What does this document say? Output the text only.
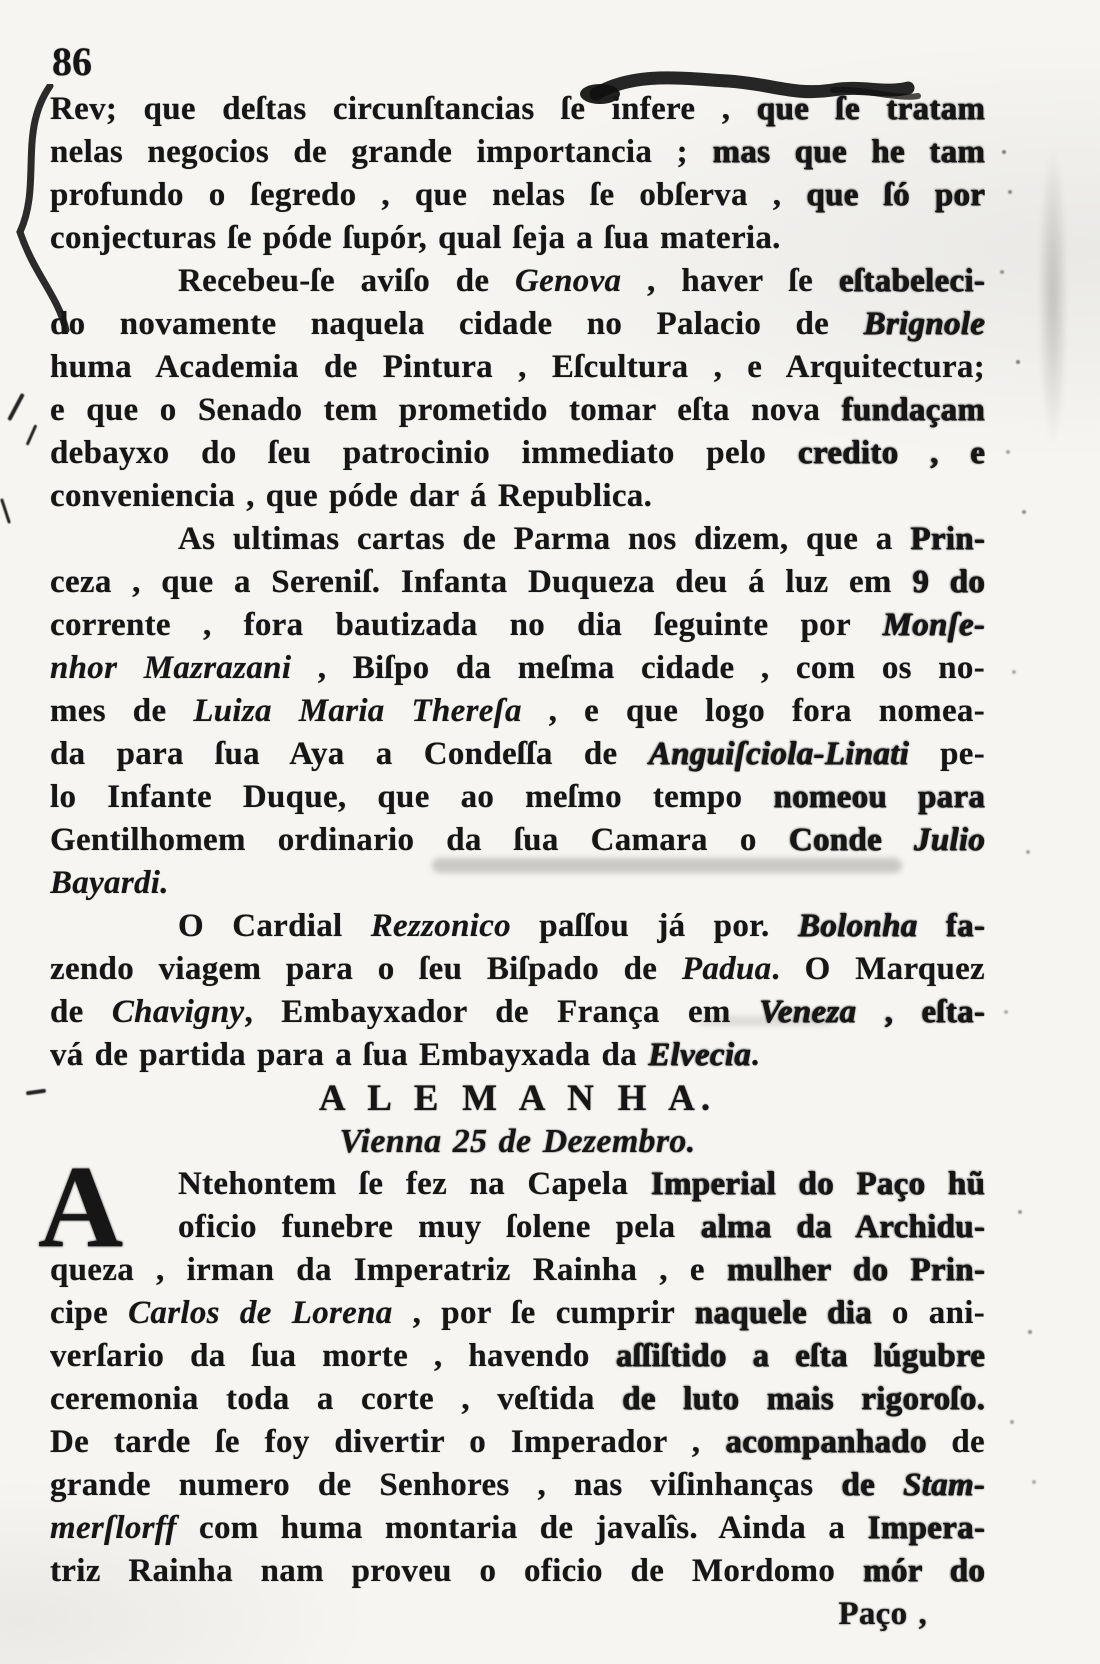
86
Rev; que deſtas circunſtancias ſe infere , que ſe tratam
nelas negocios de grande importancia ; mas que he tam
profundo o ſegredo , que nelas ſe obſerva , que ſó por
conjecturas ſe póde ſupór, qual ſeja a ſua materia.
Recebeu-ſe aviſo de Genova , haver ſe eſtabeleci-
do novamente naquela cidade no Palacio de Brignole
huma Academia de Pintura , Eſcultura , e Arquitectura;
e que o Senado tem prometido tomar eſta nova fundaçam
debayxo do ſeu patrocinio immediato pelo credito , e
conveniencia , que póde dar á Republica.
As ultimas cartas de Parma nos dizem, que a Prin-
ceza , que a Sereniſ. Infanta Duqueza deu á luz em 9 do
corrente , fora bautizada no dia ſeguinte por Monſe-
nhor Mazrazani , Biſpo da meſma cidade , com os no-
mes de Luiza Maria Thereſa , e que logo fora nomea-
da para ſua Aya a Condeſſa de Anguiſciola-Linati pe-
lo Infante Duque, que ao meſmo tempo nomeou para
Gentilhomem ordinario da ſua Camara o Conde Julio
Bayardi.
O Cardial Rezzonico paſſou já por. Bolonha fa-
zendo viagem para o ſeu Biſpado de Padua. O Marquez
de Chavigny, Embayxador de França em Veneza , eſta-
vá de partida para a ſua Embayxada da Elvecia.
A L E M A N H A.
Vienna 25 de Dezembro.
Ntehontem ſe fez na Capela Imperial do Paço hũ
oficio funebre muy ſolene pela alma da Archidu-
queza , irman da Imperatriz Rainha , e mulher do Prin-
cipe Carlos de Lorena , por ſe cumprir naquele dia o ani-
verſario da ſua morte , havendo aſſiſtido a eſta lúgubre
ceremonia toda a corte , veſtida de luto mais rigoroſo.
De tarde ſe foy divertir o Imperador , acompanhado de
grande numero de Senhores , nas viſinhanças de Stam-
merſlorff com huma montaria de javalîs. Ainda a Impera-
triz Rainha nam proveu o oficio de Mordomo mór do
Paço ,
A
